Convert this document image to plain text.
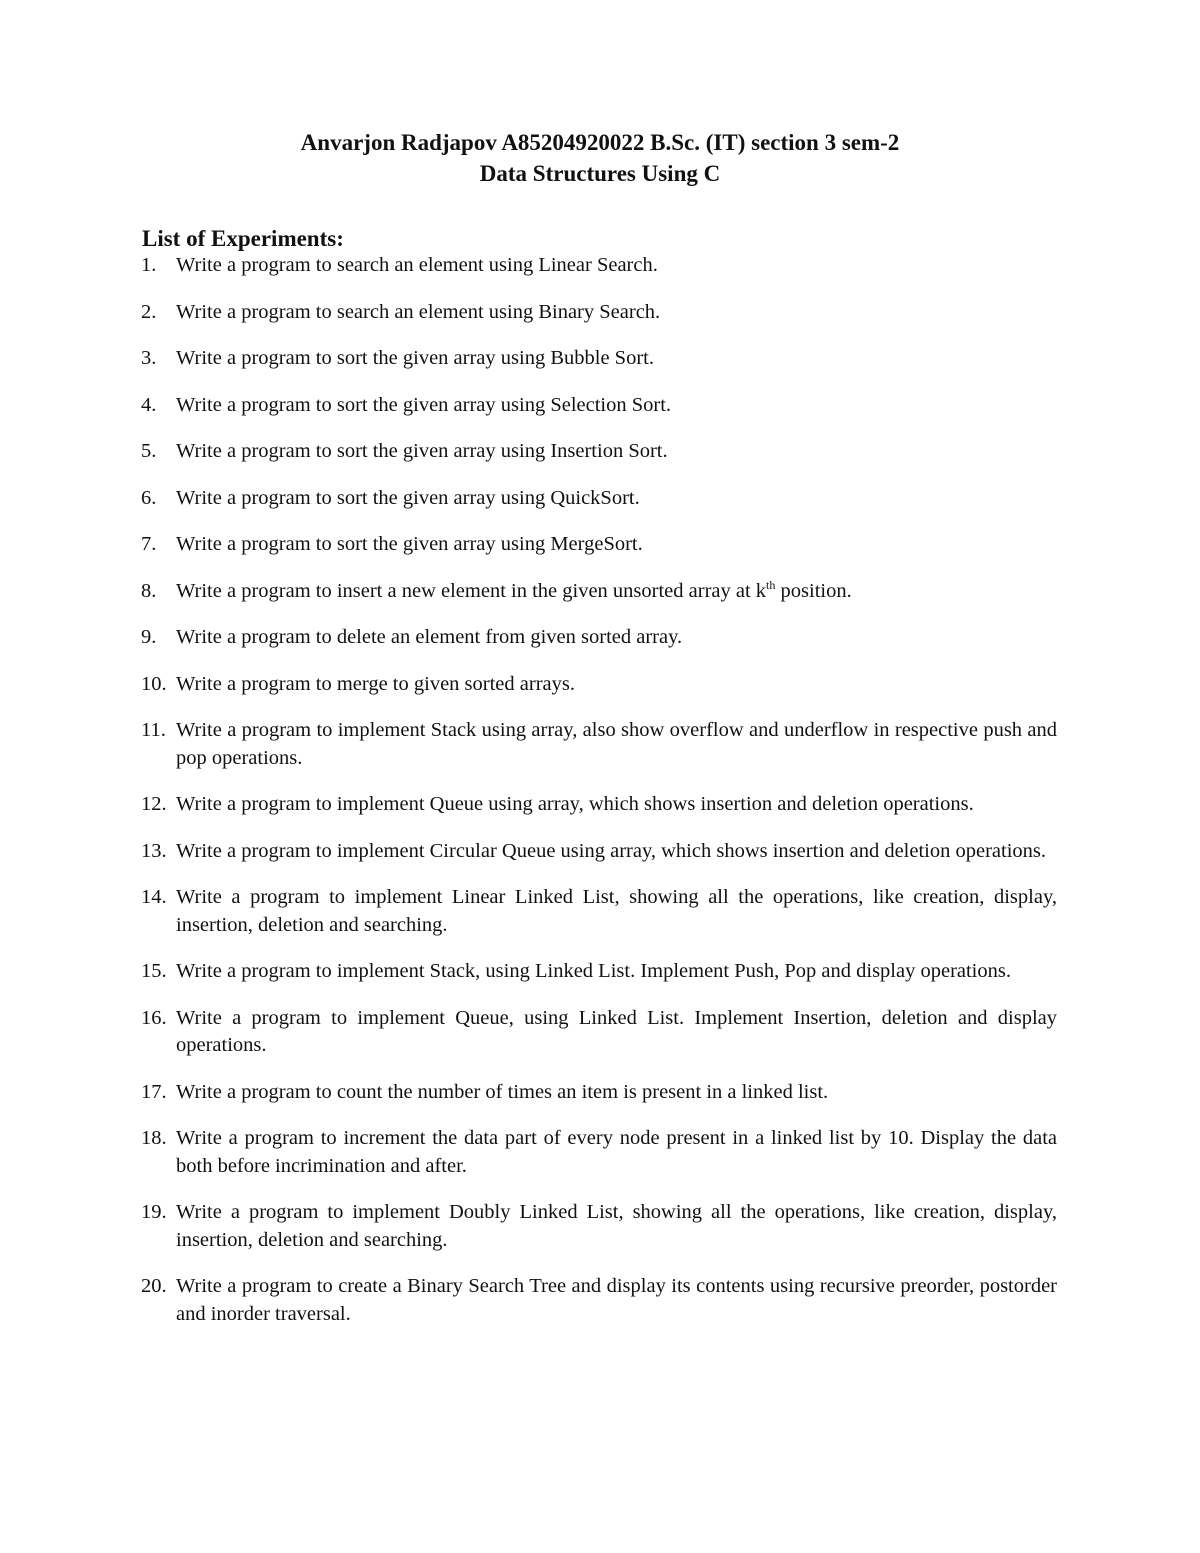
Anvarjon Radjapov A85204920022 B.Sc. (IT) section 3 sem-2
Data Structures Using C
List of Experiments:
1. Write a program to search an element using Linear Search.
2. Write a program to search an element using Binary Search.
3. Write a program to sort the given array using Bubble Sort.
4. Write a program to sort the given array using Selection Sort.
5. Write a program to sort the given array using Insertion Sort.
6. Write a program to sort the given array using QuickSort.
7. Write a program to sort the given array using MergeSort.
8. Write a program to insert a new element in the given unsorted array at $k^{th}$ position.
9. Write a program to delete an element from given sorted array.
10. Write a program to merge to given sorted arrays.
11. Write a program to implement Stack using array, also show overflow and underflow in respective push and pop operations.
12. Write a program to implement Queue using array, which shows insertion and deletion operations.
13. Write a program to implement Circular Queue using array, which shows insertion and deletion operations.
14. Write a program to implement Linear Linked List, showing all the operations, like creation, display, insertion, deletion and searching.
15. Write a program to implement Stack, using Linked List. Implement Push, Pop and display operations.
16. Write a program to implement Queue, using Linked List. Implement Insertion, deletion and display operations.
17. Write a program to count the number of times an item is present in a linked list.
18. Write a program to increment the data part of every node present in a linked list by 10. Display the data both before incrimination and after.
19. Write a program to implement Doubly Linked List, showing all the operations, like creation, display, insertion, deletion and searching.
20. Write a program to create a Binary Search Tree and display its contents using recursive preorder, postorder and inorder traversal.
